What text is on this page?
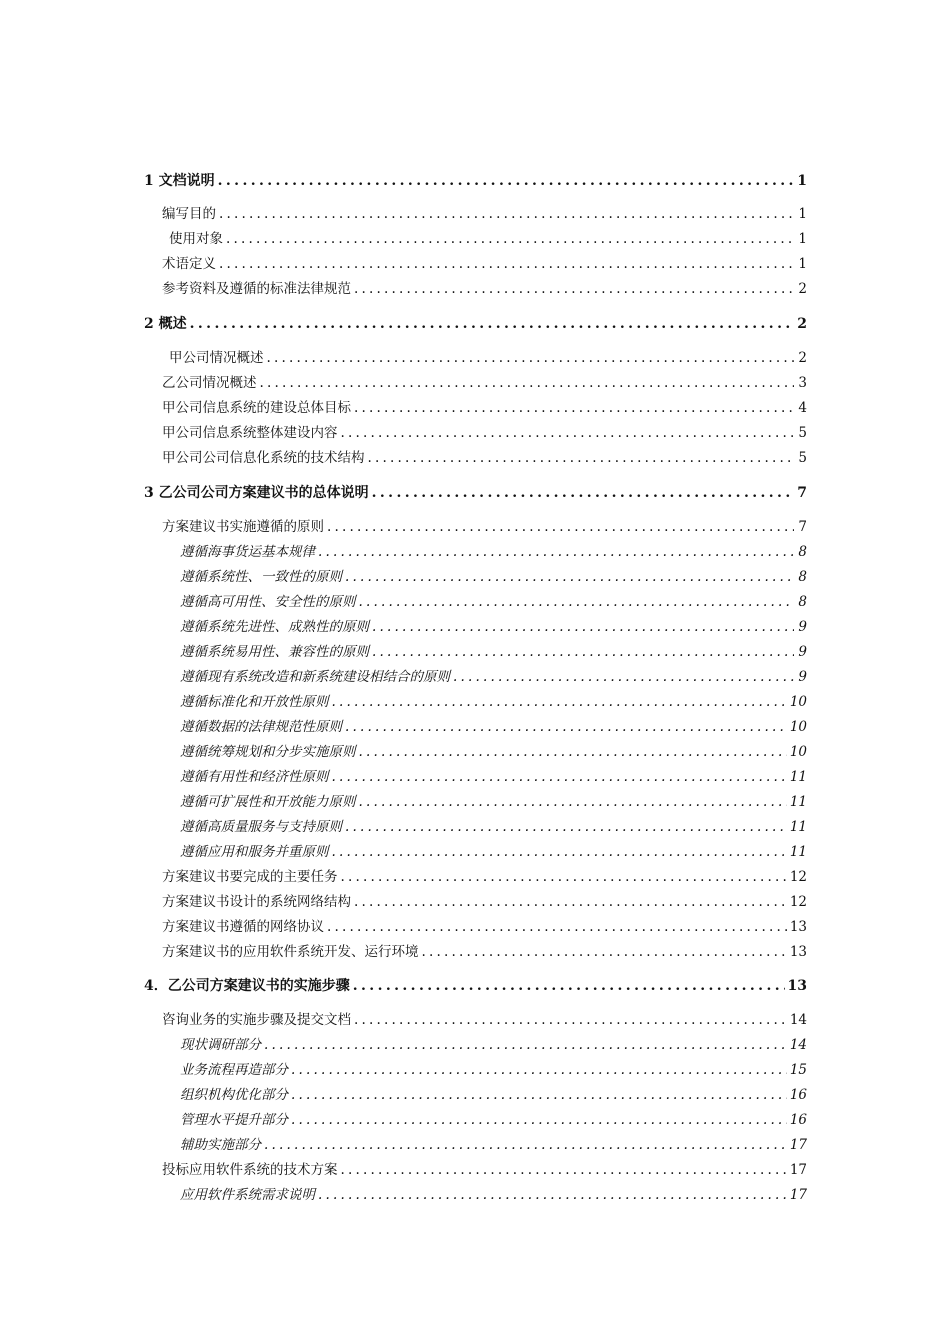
1 文档说明 .....	1
编写目的 .....	1
使用对象 .....	1
术语定义 .....	1
参考资料及遵循的标准法律规范 .....	2
2 概述 .....	2
甲公司情况概述 .....	2
乙公司情况概述 .....	3
甲公司信息系统的建设总体目标 .....	4
甲公司信息系统整体建设内容 .....	5
甲公司公司信息化系统的技术结构 .....	5
3 乙公司公司方案建议书的总体说明 .....	7
方案建议书实施遵循的原则 .....	7
遵循海事货运基本规律 .....	8
遵循系统性、一致性的原则 .....	8
遵循高可用性、安全性的原则 .....	8
遵循系统先进性、成熟性的原则 .....	9
遵循系统易用性、兼容性的原则 .....	9
遵循现有系统改造和新系统建设相结合的原则 .....	9
遵循标准化和开放性原则 .....	10
遵循数据的法律规范性原则 .....	10
遵循统筹规划和分步实施原则 .....	10
遵循有用性和经济性原则 .....	11
遵循可扩展性和开放能力原则 .....	11
遵循高质量服务与支持原则 .....	11
遵循应用和服务并重原则 .....	11
方案建议书要完成的主要任务 .....	12
方案建议书设计的系统网络结构 .....	12
方案建议书遵循的网络协议 .....	13
方案建议书的应用软件系统开发、运行环境 .....	13
4．乙公司方案建议书的实施步骤 .....	13
咨询业务的实施步骤及提交文档 .....	14
现状调研部分 .....	14
业务流程再造部分 .....	15
组织机构优化部分 .....	16
管理水平提升部分 .....	16
辅助实施部分 .....	17
投标应用软件系统的技术方案 .....	17
应用软件系统需求说明 .....	17
